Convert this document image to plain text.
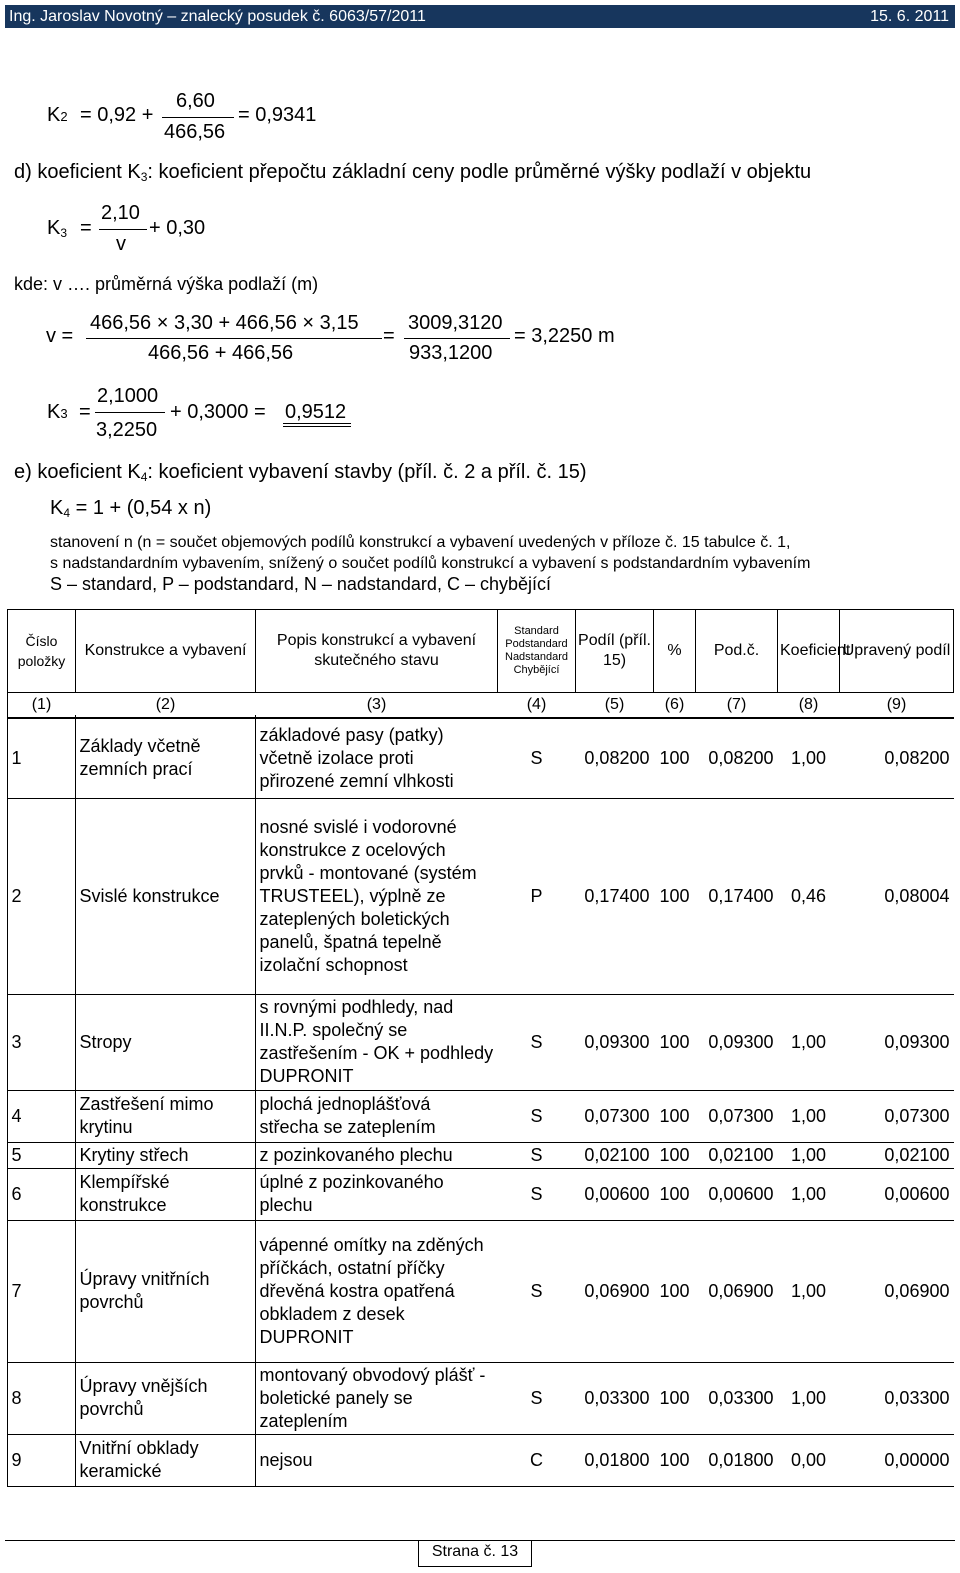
Ing. Jaroslav Novotný – znalecký posudek č. 6063/57/2011	15. 6. 2011
K2 = 0,92 +
6,60
466,56
= 0,9341
d) koeficient $K_3$: koeficient přepočtu základní ceny podle průměrné výšky podlaží v objektu
$K_3$ =
2,10
v
+ 0,30
kde: v …. průměrná výška podlaží (m)
v =
466,56 × 3,30 + 466,56 × 3,15
466,56 + 466,56
=
3009,3120
933,1200
= 3,2250 m
K3 =
2,1000
3,2250
+ 0,3000 = 0,9512
e) koeficient $K_4$: koeficient vybavení stavby (příl. č. 2 a příl. č. 15)
$K_4 = 1 + (0,54$ x n)
stanovení n (n = součet objemových podílů konstrukcí a vybavení uvedených v příloze č. 15 tabulce č. 1,
s nadstandardním vybavením, snížený o součet podílů konstrukcí a vybavení s podstandardním vybavením
S – standard, P – podstandard, N – nadstandard, C – chybějící
Číslo položky	Konstrukce a vybavení	Popis konstrukcí a vybavení skutečného stavu	Standard
Podstandard
Nadstandard
Chybějící	Podíl (příl. 15)	%	Pod.č.	Koeficient	Upravený podíl
(1)	(2)	(3)	(4)	(5)	(6)	(7)	(8)	(9)
1	Základy včetně zemních prací	základové pasy (patky) včetně izolace proti přirozené zemní vlhkosti	S	0,08200	100	0,08200	1,00	0,08200
2	Svislé konstrukce	nosné svislé i vodorovné konstrukce z ocelových prvků - montované (systém TRUSTEEL), výplně ze zateplených boletických panelů, špatná tepelně izolační schopnost	P	0,17400	100	0,17400	0,46	0,08004
3	Stropy	s rovnými podhledy, nad II.N.P. společný se zastřešením - OK + podhledy DUPRONIT	S	0,09300	100	0,09300	1,00	0,09300
4	Zastřešení mimo krytinu	plochá jednoplášťová střecha se zateplením	S	0,07300	100	0,07300	1,00	0,07300
5	Krytiny střech	z pozinkovaného plechu	S	0,02100	100	0,02100	1,00	0,02100
6	Klempířské konstrukce	úplné z pozinkovaného plechu	S	0,00600	100	0,00600	1,00	0,00600
7	Úpravy vnitřních povrchů	vápenné omítky na zděných příčkách, ostatní příčky dřevěná kostra opatřená obkladem z desek DUPRONIT	S	0,06900	100	0,06900	1,00	0,06900
8	Úpravy vnějších povrchů	montovaný obvodový plášť - boletické panely se zateplením	S	0,03300	100	0,03300	1,00	0,03300
9	Vnitřní obklady keramické	nejsou	C	0,01800	100	0,01800	0,00	0,00000
Strana č. 13
